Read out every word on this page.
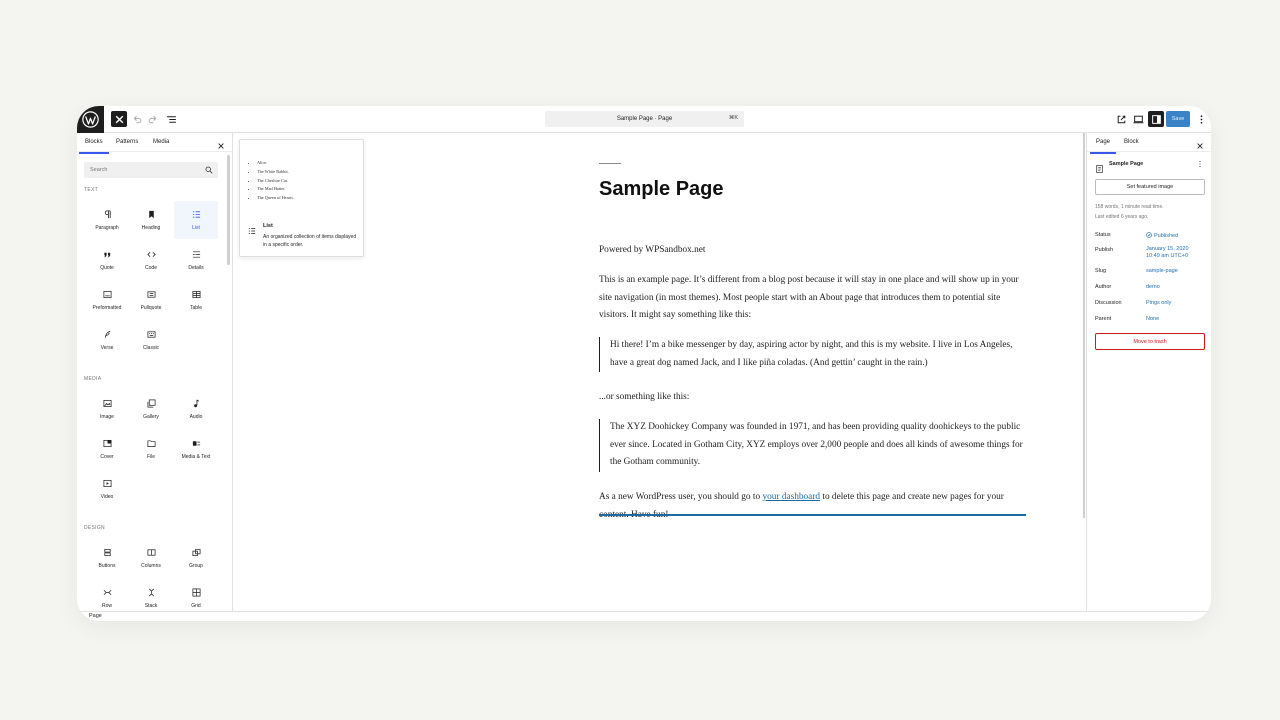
Sample Page · Page	⌘K	Save
Blocks Patterns Media
Search
TEXT
Paragraph	Heading	List
Quote	Code	Details
Preformatted	Pullquote	Table
Verse	Classic
MEDIA
Image	Gallery	Audio
Cover	File	Media & Text
Video
DESIGN
Buttons	Columns	Group
Row	Stack	Grid
Sample Page

Powered by WPSandbox.net

This is an example page. It’s different from a blog post because it will stay in one place and will show up in your site navigation (in most themes). Most people start with an About page that introduces them to potential site visitors. It might say something like this:

Hi there! I’m a bike messenger by day, aspiring actor by night, and this is my website. I live in Los Angeles, have a great dog named Jack, and I like piña coladas. (And gettin’ caught in the rain.)

...or something like this:

The XYZ Doohickey Company was founded in 1971, and has been providing quality doohickeys to the public ever since. Located in Gotham City, XYZ employs over 2,000 people and does all kinds of awesome things for the Gotham community.

As a new WordPress user, you should go to your dashboard to delete this page and create new pages for your

• Alice.
• The White Rabbit.
• The Cheshire Cat.
• The Mad Hatter.
• The Queen of Hearts.
List
An organized collection of items displayed in a specific order.
Page Block
Sample Page
Set featured image
158 words, 1 minute read time.
Last edited 6 years ago.
Status	Published
Publish	January 15, 2020
10:49 am UTC+0
Slug	sample-page
Author	demo
Discussion	Pings only
Parent	None
Move to trash
Page
